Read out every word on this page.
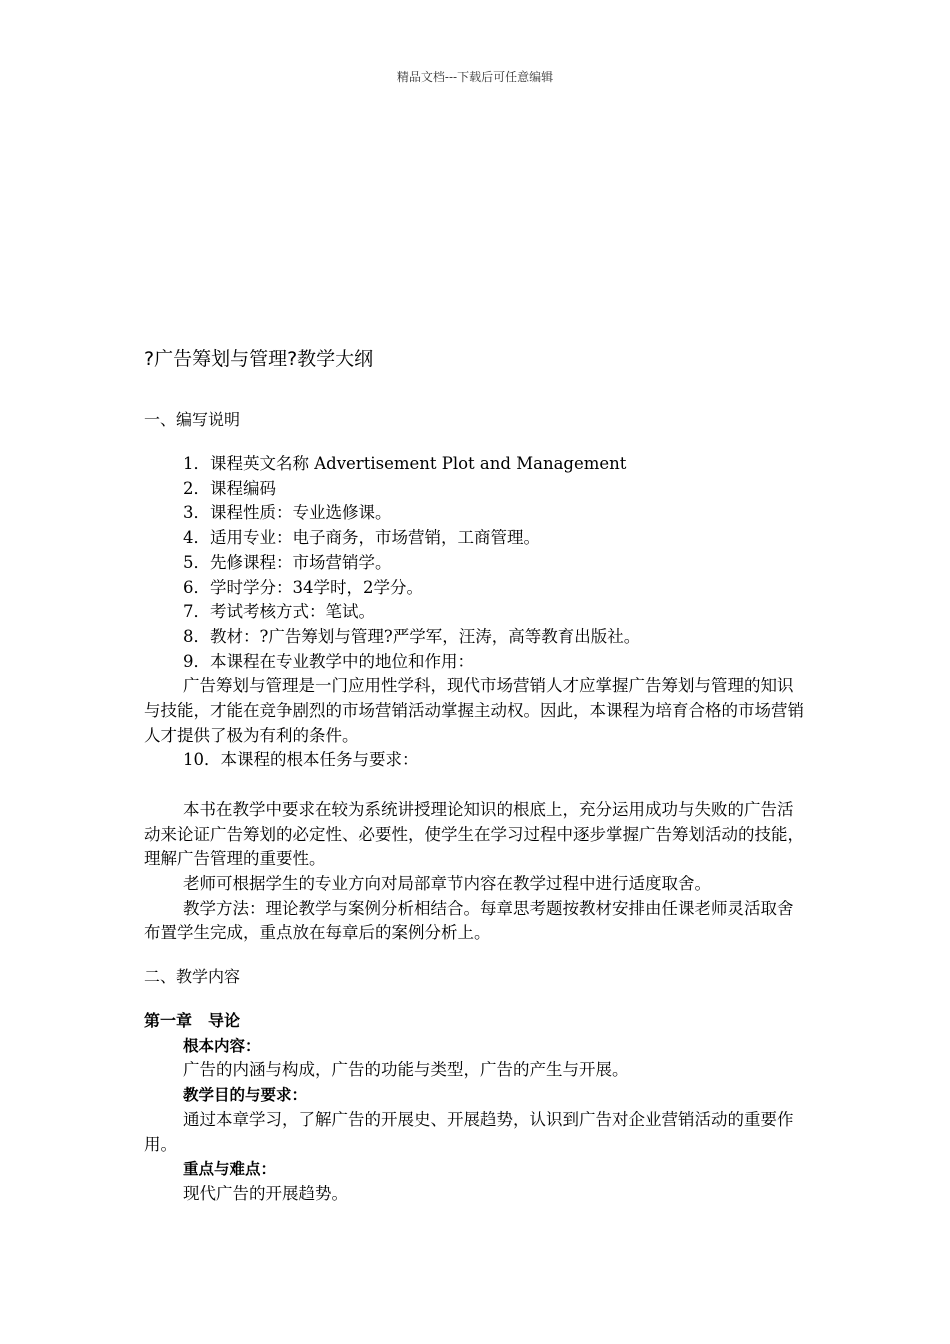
精品文档---下载后可任意编辑
?广告筹划与管理?教学大纲
一、编写说明

1．课程英文名称 Advertisement Plot and Management

2．课程编码

3．课程性质：专业选修课。

4．适用专业：电子商务，市场营销，工商管理。

5．先修课程：市场营销学。

6．学时学分：34学时，2学分。

7．考试考核方式：笔试。

8．教材：?广告筹划与管理?严学军，汪涛，高等教育出版社。

9．本课程在专业教学中的地位和作用：

广告筹划与管理是一门应用性学科，现代市场营销人才应掌握广告筹划与管理的知识与技能，才能在竞争剧烈的市场营销活动掌握主动权。因此，本课程为培育合格的市场营销人才提供了极为有利的条件。

10．本课程的根本任务与要求：

本书在教学中要求在较为系统讲授理论知识的根底上，充分运用成功与失败的广告活动来论证广告筹划的必定性、必要性，使学生在学习过程中逐步掌握广告筹划活动的技能，理解广告管理的重要性。

老师可根据学生的专业方向对局部章节内容在教学过程中进行适度取舍。

教学方法：理论教学与案例分析相结合。每章思考题按教材安排由任课老师灵活取舍布置学生完成，重点放在每章后的案例分析上。

二、教学内容

第一章　导论

根本内容：

广告的内涵与构成，广告的功能与类型，广告的产生与开展。

教学目的与要求：

通过本章学习，了解广告的开展史、开展趋势，认识到广告对企业营销活动的重要作用。

重点与难点：

现代广告的开展趋势。
